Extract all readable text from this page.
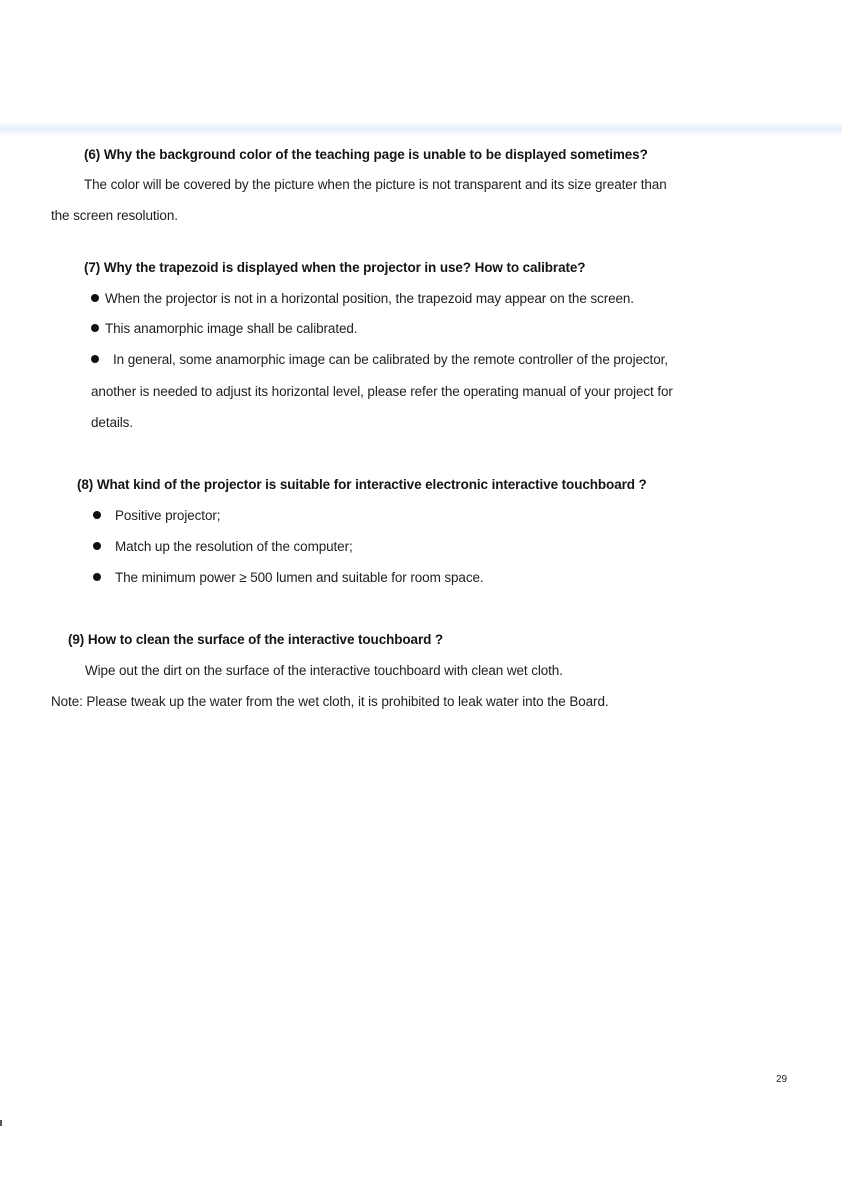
(6) Why the background color of the teaching page is unable to be displayed sometimes?
The color will be covered by the picture when the picture is not transparent and its size greater than
the screen resolution.
(7) Why the trapezoid is displayed when the projector in use? How to calibrate?
When the projector is not in a horizontal position, the trapezoid may appear on the screen.
This anamorphic image shall be calibrated.
In general, some anamorphic image can be calibrated by the remote controller of the projector,
another is needed to adjust its horizontal level, please refer the operating manual of your project for
details.
(8) What kind of the projector is suitable for interactive electronic interactive touchboard ?
Positive projector;
Match up the resolution of the computer;
The minimum power ≥ 500 lumen and suitable for room space.
(9) How to clean the surface of the interactive touchboard ?
Wipe out the dirt on the surface of the interactive touchboard with clean wet cloth.
Note: Please tweak up the water from the wet cloth, it is prohibited to leak water into the Board.
29
